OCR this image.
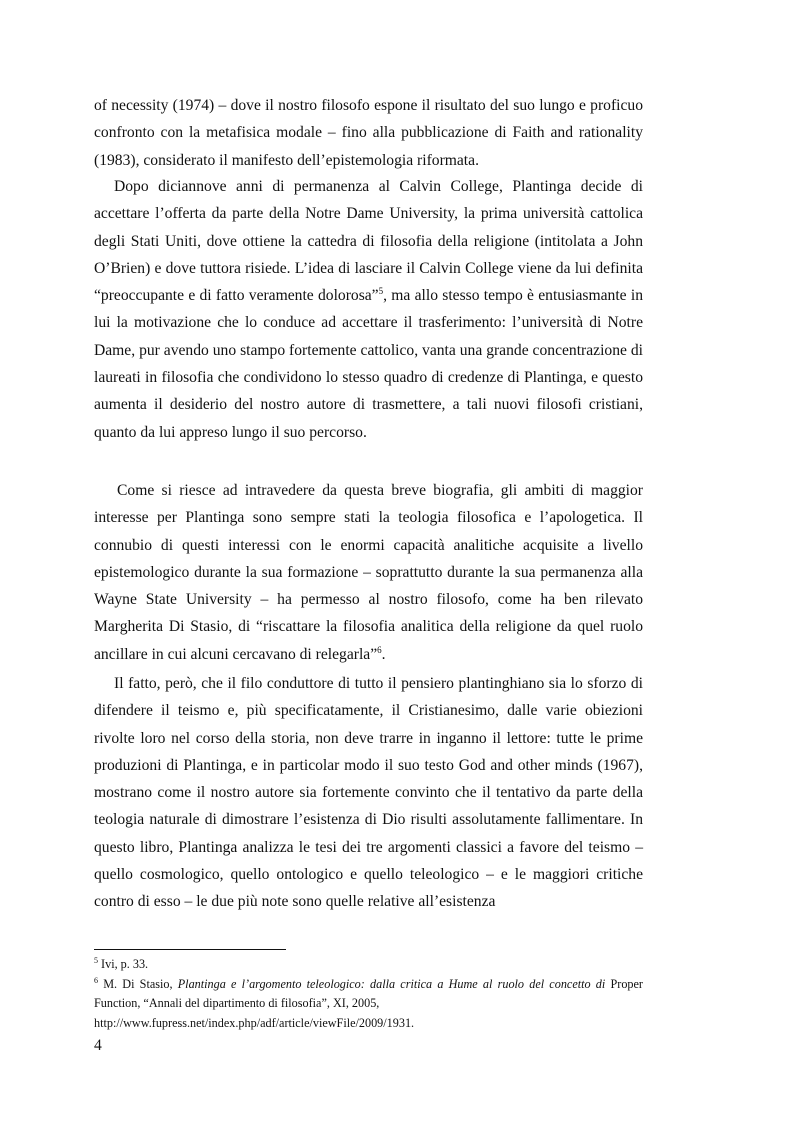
of necessity (1974) – dove il nostro filosofo espone il risultato del suo lungo e proficuo confronto con la metafisica modale – fino alla pubblicazione di Faith and rationality (1983), considerato il manifesto dell’epistemologia riformata.

Dopo diciannove anni di permanenza al Calvin College, Plantinga decide di accettare l’offerta da parte della Notre Dame University, la prima università cattolica degli Stati Uniti, dove ottiene la cattedra di filosofia della religione (intitolata a John O’Brien) e dove tuttora risiede. L’idea di lasciare il Calvin College viene da lui definita “preoccupante e di fatto veramente dolorosa”$^5$, ma allo stesso tempo è entusiasmante in lui la motivazione che lo conduce ad accettare il trasferimento: l’università di Notre Dame, pur avendo uno stampo fortemente cattolico, vanta una grande concentrazione di laureati in filosofia che condividono lo stesso quadro di credenze di Plantinga, e questo aumenta il desiderio del nostro autore di trasmettere, a tali nuovi filosofi cristiani, quanto da lui appreso lungo il suo percorso.

Come si riesce ad intravedere da questa breve biografia, gli ambiti di maggior interesse per Plantinga sono sempre stati la teologia filosofica e l’apologetica. Il connubio di questi interessi con le enormi capacità analitiche acquisite a livello epistemologico durante la sua formazione – soprattutto durante la sua permanenza alla Wayne State University – ha permesso al nostro filosofo, come ha ben rilevato Margherita Di Stasio, di “riscattare la filosofia analitica della religione da quel ruolo ancillare in cui alcuni cercavano di relegarla”$^6$.

Il fatto, però, che il filo conduttore di tutto il pensiero plantinghiano sia lo sforzo di difendere il teismo e, più specificatamente, il Cristianesimo, dalle varie obiezioni rivolte loro nel corso della storia, non deve trarre in inganno il lettore: tutte le prime produzioni di Plantinga, e in particolar modo il suo testo God and other minds (1967), mostrano come il nostro autore sia fortemente convinto che il tentativo da parte della teologia naturale di dimostrare l’esistenza di Dio risulti assolutamente fallimentare. In questo libro, Plantinga analizza le tesi dei tre argomenti classici a favore del teismo – quello cosmologico, quello ontologico e quello teleologico – e le maggiori critiche contro di esso – le due più note sono quelle relative all’esistenza

$^5$ Ivi, p. 33.

$^6$ M. Di Stasio, Plantinga e l’argomento teleologico: dalla critica a Hume al ruolo del concetto di Proper Function, “Annali del dipartimento di filosofia”, XI, 2005,
http://www.fupress.net/index.php/adf/article/viewFile/2009/1931.

4
